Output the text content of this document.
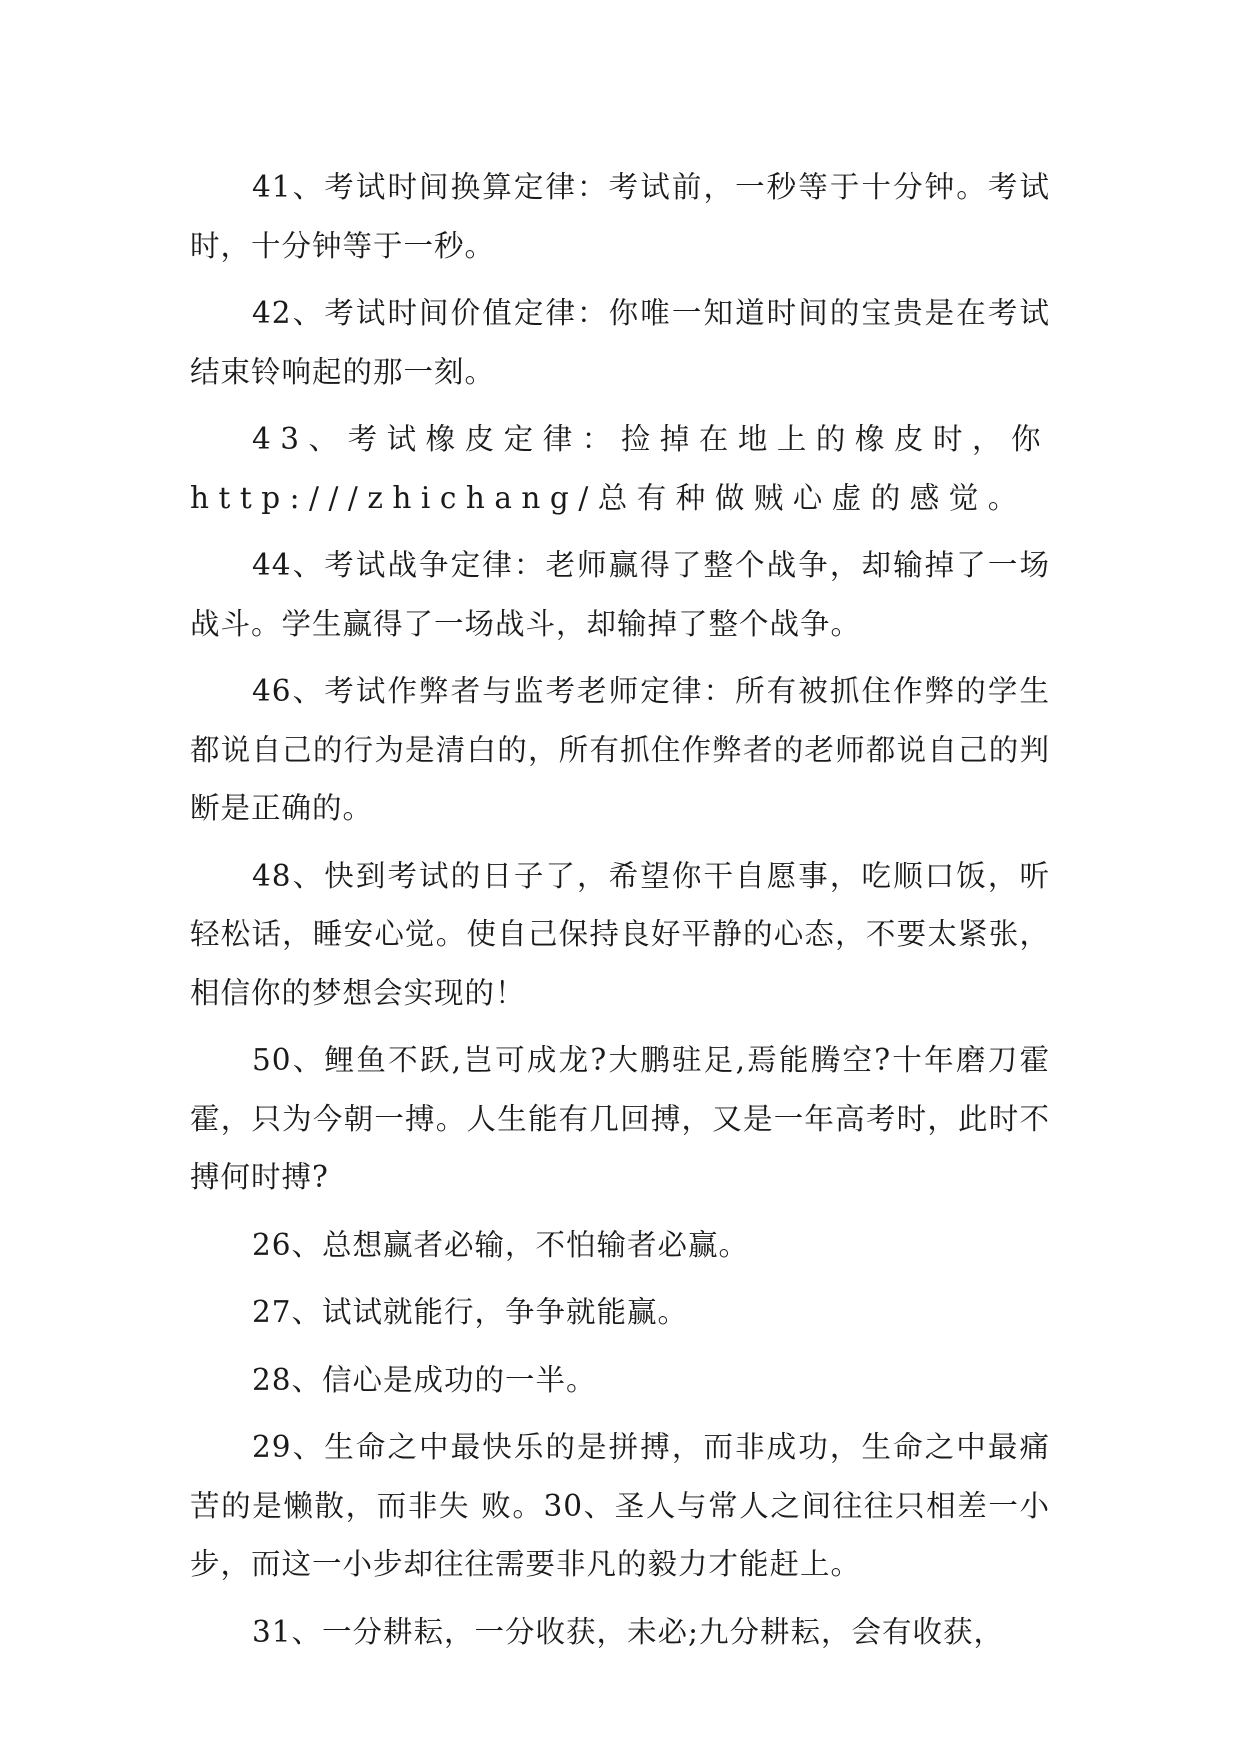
41、考试时间换算定律：考试前，一秒等于十分钟。考试时，十分钟等于一秒。

42、考试时间价值定律：你唯一知道时间的宝贵是在考试结束铃响起的那一刻。

43、考试橡皮定律：捡掉在地上的橡皮时，你http:///zhichang/总有种做贼心虚的感觉。

44、考试战争定律：老师赢得了整个战争，却输掉了一场战斗。学生赢得了一场战斗，却输掉了整个战争。

46、考试作弊者与监考老师定律：所有被抓住作弊的学生都说自己的行为是清白的，所有抓住作弊者的老师都说自己的判断是正确的。

48、快到考试的日子了，希望你干自愿事，吃顺口饭，听轻松话，睡安心觉。使自己保持良好平静的心态，不要太紧张，相信你的梦想会实现的！

50、鲤鱼不跃,岂可成龙?大鹏驻足,焉能腾空?十年磨刀霍霍，只为今朝一搏。人生能有几回搏，又是一年高考时，此时不搏何时搏?

26、总想赢者必输，不怕输者必赢。

27、试试就能行，争争就能赢。

28、信心是成功的一半。

29、生命之中最快乐的是拼搏，而非成功，生命之中最痛苦的是懒散，而非失 败。30、圣人与常人之间往往只相差一小步，而这一小步却往往需要非凡的毅力才能赶上。

31、一分耕耘，一分收获，未必;九分耕耘，会有收获，
